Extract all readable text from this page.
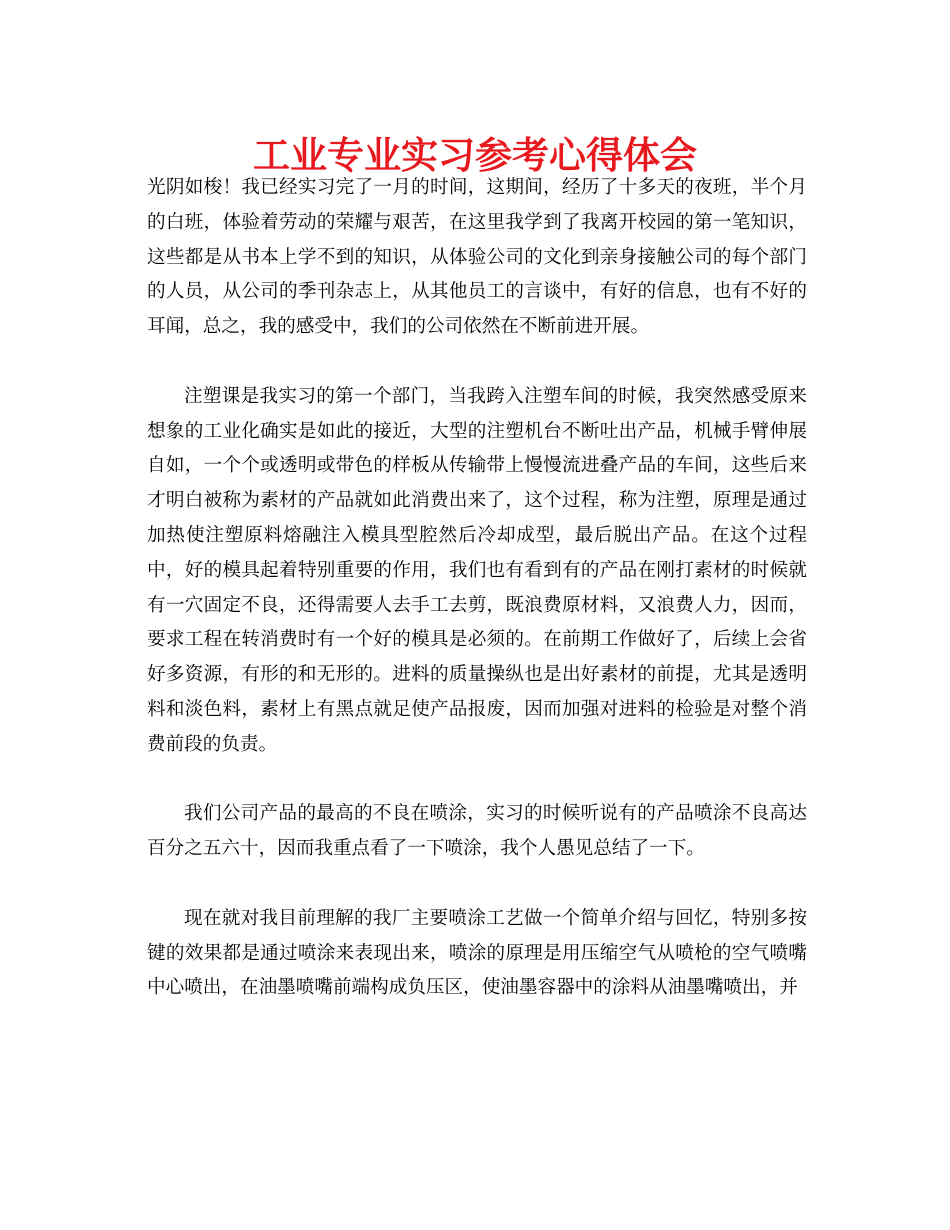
工业专业实习参考心得体会

光阴如梭！我已经实习完了一月的时间，这期间，经历了十多天的夜班，半个月的白班，体验着劳动的荣耀与艰苦，在这里我学到了我离开校园的第一笔知识，这些都是从书本上学不到的知识，从体验公司的文化到亲身接触公司的每个部门的人员，从公司的季刊杂志上，从其他员工的言谈中，有好的信息，也有不好的耳闻，总之，我的感受中，我们的公司依然在不断前进开展。

注塑课是我实习的第一个部门，当我跨入注塑车间的时候，我突然感受原来想象的工业化确实是如此的接近，大型的注塑机台不断吐出产品，机械手臂伸展自如，一个个或透明或带色的样板从传输带上慢慢流进叠产品的车间，这些后来才明白被称为素材的产品就如此消费出来了，这个过程，称为注塑，原理是通过加热使注塑原料熔融注入模具型腔然后冷却成型，最后脱出产品。在这个过程中，好的模具起着特别重要的作用，我们也有看到有的产品在刚打素材的时候就有一穴固定不良，还得需要人去手工去剪，既浪费原材料，又浪费人力，因而，要求工程在转消费时有一个好的模具是必须的。在前期工作做好了，后续上会省好多资源，有形的和无形的。进料的质量操纵也是出好素材的前提，尤其是透明料和淡色料，素材上有黑点就足使产品报废，因而加强对进料的检验是对整个消费前段的负责。

我们公司产品的最高的不良在喷涂，实习的时候听说有的产品喷涂不良高达百分之五六十，因而我重点看了一下喷涂，我个人愚见总结了一下。

现在就对我目前理解的我厂主要喷涂工艺做一个简单介绍与回忆，特别多按键的效果都是通过喷涂来表现出来，喷涂的原理是用压缩空气从喷枪的空气喷嘴中心喷出，在油墨喷嘴前端构成负压区，使油墨容器中的涂料从油墨嘴喷出，并
